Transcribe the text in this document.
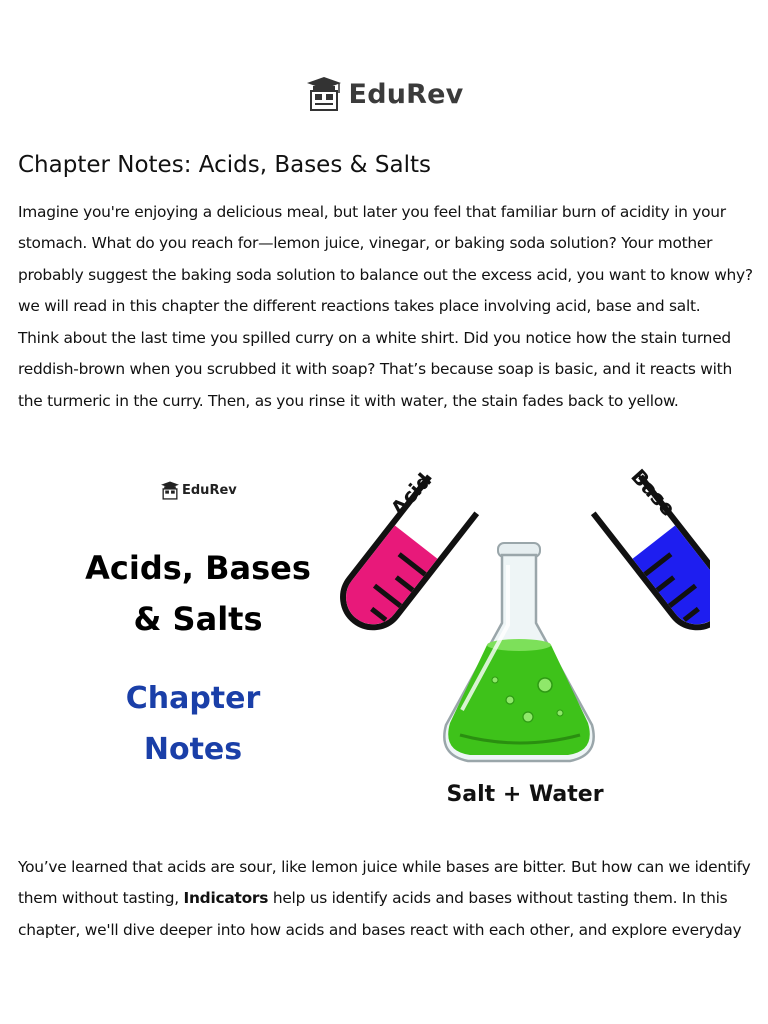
EduRev
Chapter Notes: Acids, Bases & Salts

Imagine you're enjoying a delicious meal, but later you feel that familiar burn of acidity in your stomach. What do you reach for—lemon juice, vinegar, or baking soda solution? Your mother probably suggest the baking soda solution to balance out the excess acid, you want to know why? we will read in this chapter the different reactions takes place involving acid, base and salt.

Think about the last time you spilled curry on a white shirt. Did you notice how the stain turned reddish-brown when you scrubbed it with soap? That’s because soap is basic, and it reacts with the turmeric in the curry. Then, as you rinse it with water, the stain fades back to yellow.

EduRev
Acids, Bases
& Salts
Chapter
Notes
Acid	Base
Salt + Water

You’ve learned that acids are sour, like lemon juice while bases are bitter. But how can we identify them without tasting, Indicators help us identify acids and bases without tasting them. In this chapter, we'll dive deeper into how acids and bases react with each other, and explore everyday
